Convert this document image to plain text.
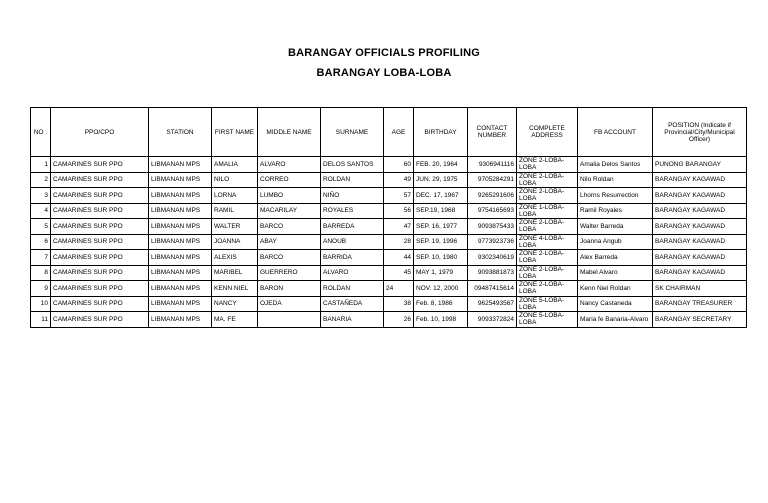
BARANGAY OFFICIALS PROFILING
BARANGAY LOBA-LOBA
NO .	PPO/CPO	STATION	FIRST NAME	MIDDLE NAME	SURNAME	AGE	BIRTHDAY	CONTACT NUMBER	COMPLETE ADDRESS	FB ACCOUNT	POSITION (Indicate if Provincial/City/Municipal Officer)
1	CAMARINES SUR PPO	LIBMANAN MPS	AMALIA	ALVARO	DELOS SANTOS	60	FEB. 20, 1964	9306941116	ZONE 2-LOBA-LOBA	Amalia Delos Santos	PUNONG BARANGAY
2	CAMARINES SUR PPO	LIBMANAN MPS	NILO	CORREO	ROLDAN	49	JUN. 29, 1975	9705284291	ZONE 2-LOBA-LOBA	Nilo Roldan	BARANGAY KAGAWAD
3	CAMARINES SUR PPO	LIBMANAN MPS	LORNA	LUMBO	NIÑO	57	DEC. 17, 1967	9265291606	ZONE 2-LOBA-LOBA	Lhorns Resurrection	BARANGAY KAGAWAD
4	CAMARINES SUR PPO	LIBMANAN MPS	RAMIL	MACARILAY	ROYALES	56	SEP.19, 1968	9754165693	ZONE 1-LOBA-LOBA	Ramil Royales	BARANGAY KAGAWAD
5	CAMARINES SUR PPO	LIBMANAN MPS	WALTER	BARCO	BARREDA	47	SEP. 16, 1977	9093875433	ZONE 2-LOBA-LOBA	Walter Barreda	BARANGAY KAGAWAD
6	CAMARINES SUR PPO	LIBMANAN MPS	JOANNA	ABAY	ANOUB	28	SEP. 19, 1996	9773923736	ZONE 4-LOBA-LOBA	Joanna Angub	BARANGAY KAGAWAD
7	CAMARINES SUR PPO	LIBMANAN MPS	ALEXIS	BARCO	BARRIDA	44	SEP. 10, 1980	9302340619	ZONE 2-LOBA-LOBA	Alex Barreda	BARANGAY KAGAWAD
8	CAMARINES SUR PPO	LIBMANAN MPS	MARIBEL	GUERRERO	ALVARO	45	MAY 1, 1979	9093881873	ZONE 2-LOBA-LOBA	Mabel Alvaro	BARANGAY KAGAWAD
9	CAMARINES SUR PPO	LIBMANAN MPS	KENN NIEL	BARON	ROLDAN	24	NOV. 12, 2000	09487415614	ZONE 2-LOBA-LOBA	Kenn Niel Roldan	SK CHAIRMAN
10	CAMARINES SUR PPO	LIBMANAN MPS	NANCY	OJEDA	CASTAÑEDA	38	Feb. 8, 1986	9625493567	ZONE 5-LOBA-LOBA	Nancy Castaneda	BARANGAY TREASURER
11	CAMARINES SUR PPO	LIBMANAN MPS	MA. FE		BANARIA	26	Feb. 10, 1998	9093372824	ZONE 5-LOBA-LOBA	Maria fe Banaria-Alvaro	BARANGAY SECRETARY
